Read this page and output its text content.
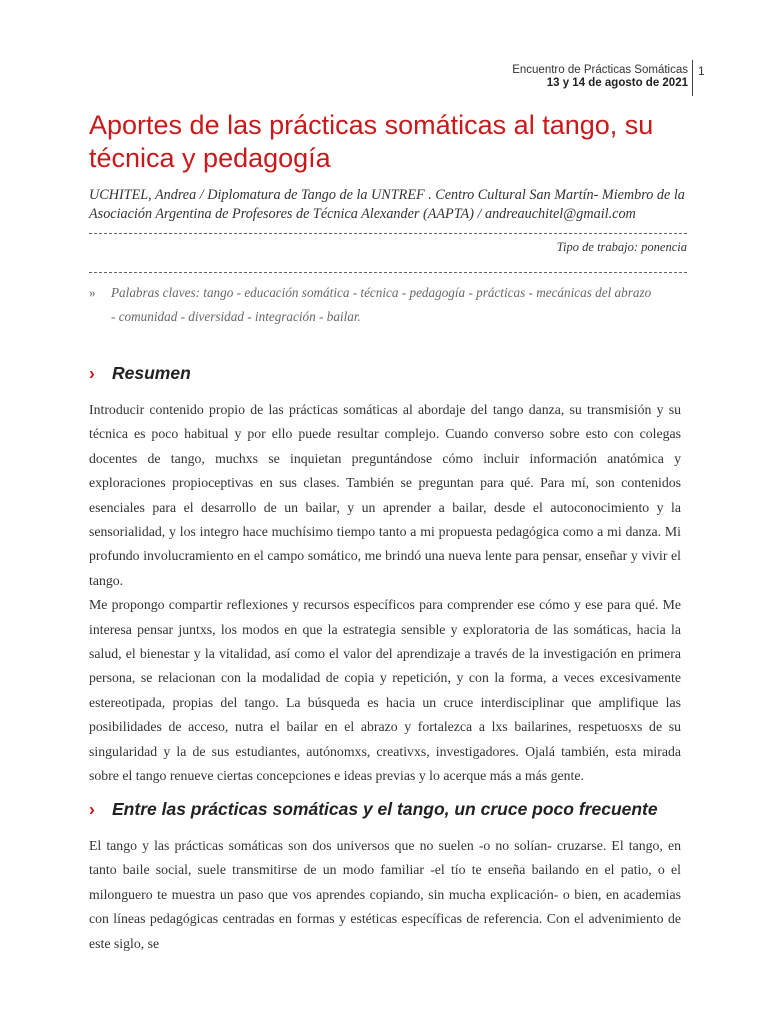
Encuentro de Prácticas Somáticas
13 y 14 de agosto de 2021
1
Aportes de las prácticas somáticas al tango, su técnica y pedagogía
UCHITEL, Andrea / Diplomatura de Tango de la UNTREF . Centro Cultural San Martín- Miembro de la Asociación Argentina de Profesores de Técnica Alexander (AAPTA) / andreauchitel@gmail.com
Tipo de trabajo: ponencia
» Palabras claves: tango - educación somática - técnica - pedagogía - prácticas - mecánicas del abrazo
- comunidad - diversidad - integración - bailar.
› Resumen

Introducir contenido propio de las prácticas somáticas al abordaje del tango danza, su transmisión y su técnica es poco habitual y por ello puede resultar complejo. Cuando converso sobre esto con colegas docentes de tango, muchxs se inquietan preguntándose cómo incluir información anatómica y exploraciones propioceptivas en sus clases. También se preguntan para qué. Para mí, son contenidos esenciales para el desarrollo de un bailar, y un aprender a bailar, desde el autoconocimiento y la sensorialidad, y los integro hace muchísimo tiempo tanto a mi propuesta pedagógica como a mi danza. Mi profundo involucramiento en el campo somático, me brindó una nueva lente para pensar, enseñar y vivir el tango.

Me propongo compartir reflexiones y recursos específicos para comprender ese cómo y ese para qué. Me interesa pensar juntxs, los modos en que la estrategia sensible y exploratoria de las somáticas, hacia la salud, el bienestar y la vitalidad, así como el valor del aprendizaje a través de la investigación en primera persona, se relacionan con la modalidad de copia y repetición, y con la forma, a veces excesivamente estereotipada, propias del tango. La búsqueda es hacia un cruce interdisciplinar que amplifique las posibilidades de acceso, nutra el bailar en el abrazo y fortalezca a lxs bailarines, respetuosxs de su singularidad y la de sus estudiantes, autónomxs, creativxs, investigadores. Ojalá también, esta mirada sobre el tango renueve ciertas concepciones e ideas previas y lo acerque más a más gente.

› Entre las prácticas somáticas y el tango, un cruce poco frecuente

El tango y las prácticas somáticas son dos universos que no suelen -o no solían- cruzarse. El tango, en tanto baile social, suele transmitirse de un modo familiar -el tío te enseña bailando en el patio, o el milonguero te muestra un paso que vos aprendes copiando, sin mucha explicación- o bien, en academias con líneas pedagógicas centradas en formas y estéticas específicas de referencia. Con el advenimiento de este siglo, se
